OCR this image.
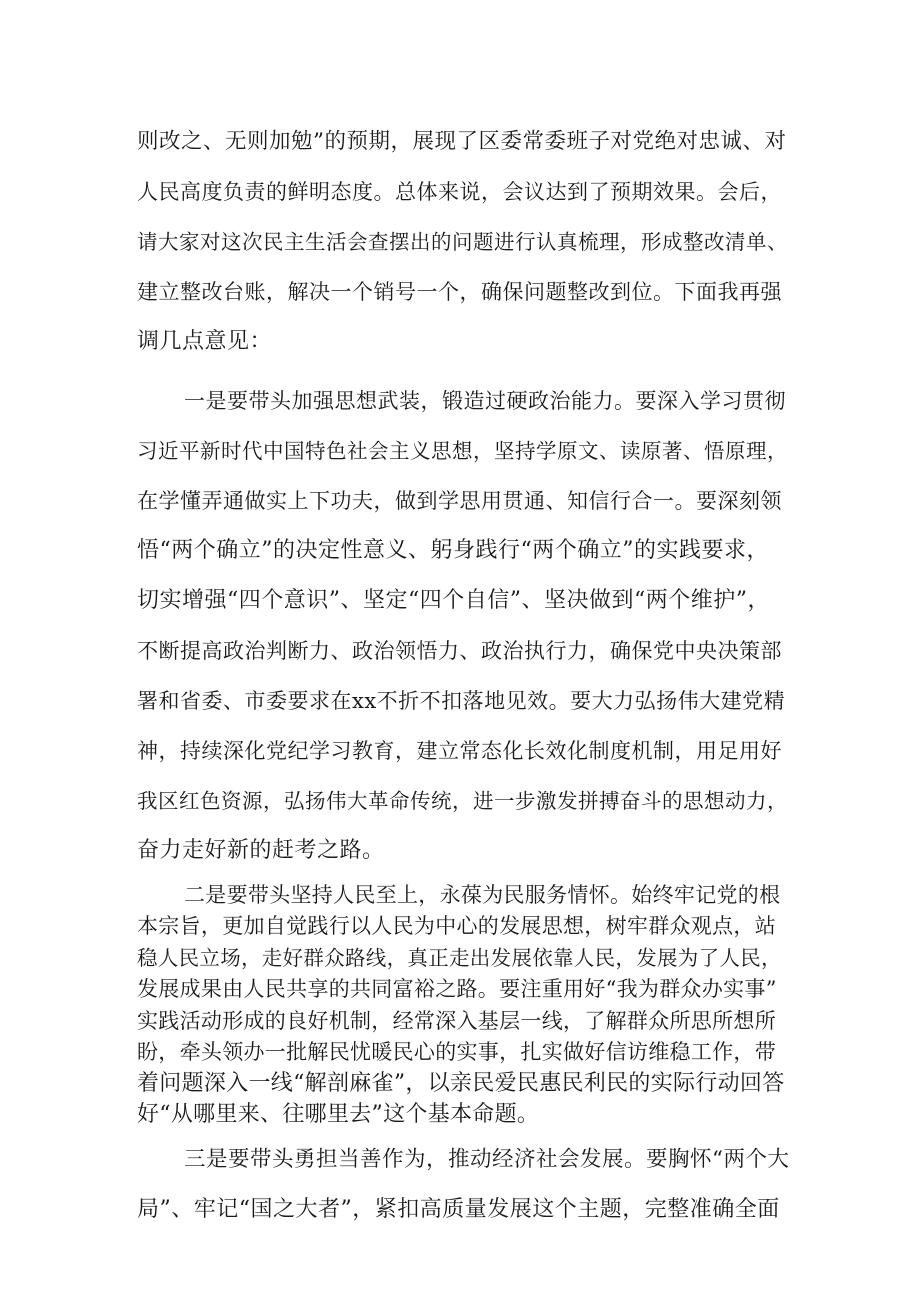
则改之、无则加勉”的预期，展现了区委常委班子对党绝对忠诚、对
人民高度负责的鲜明态度。总体来说，会议达到了预期效果。会后，
请大家对这次民主生活会查摆出的问题进行认真梳理，形成整改清单、
建立整改台账，解决一个销号一个，确保问题整改到位。下面我再强
调几点意见：
一是要带头加强思想武装，锻造过硬政治能力。要深入学习贯彻
习近平新时代中国特色社会主义思想，坚持学原文、读原著、悟原理，
在学懂弄通做实上下功夫，做到学思用贯通、知信行合一。要深刻领
悟“两个确立”的决定性意义、躬身践行“两个确立”的实践要求，
切实增强“四个意识”、坚定“四个自信”、坚决做到“两个维护”，
不断提高政治判断力、政治领悟力、政治执行力，确保党中央决策部
署和省委、市委要求在xx不折不扣落地见效。要大力弘扬伟大建党精
神，持续深化党纪学习教育，建立常态化长效化制度机制，用足用好
我区红色资源，弘扬伟大革命传统，进一步激发拼搏奋斗的思想动力，
奋力走好新的赶考之路。
二是要带头坚持人民至上，永葆为民服务情怀。始终牢记党的根
本宗旨，更加自觉践行以人民为中心的发展思想，树牢群众观点，站
稳人民立场，走好群众路线，真正走出发展依靠人民，发展为了人民，
发展成果由人民共享的共同富裕之路。要注重用好“我为群众办实事”
实践活动形成的良好机制，经常深入基层一线，了解群众所思所想所
盼，牵头领办一批解民忧暖民心的实事，扎实做好信访维稳工作，带
着问题深入一线“解剖麻雀”，以亲民爱民惠民利民的实际行动回答
好“从哪里来、往哪里去”这个基本命题。
三是要带头勇担当善作为，推动经济社会发展。要胸怀“两个大
局”、牢记“国之大者”，紧扣高质量发展这个主题，完整准确全面
